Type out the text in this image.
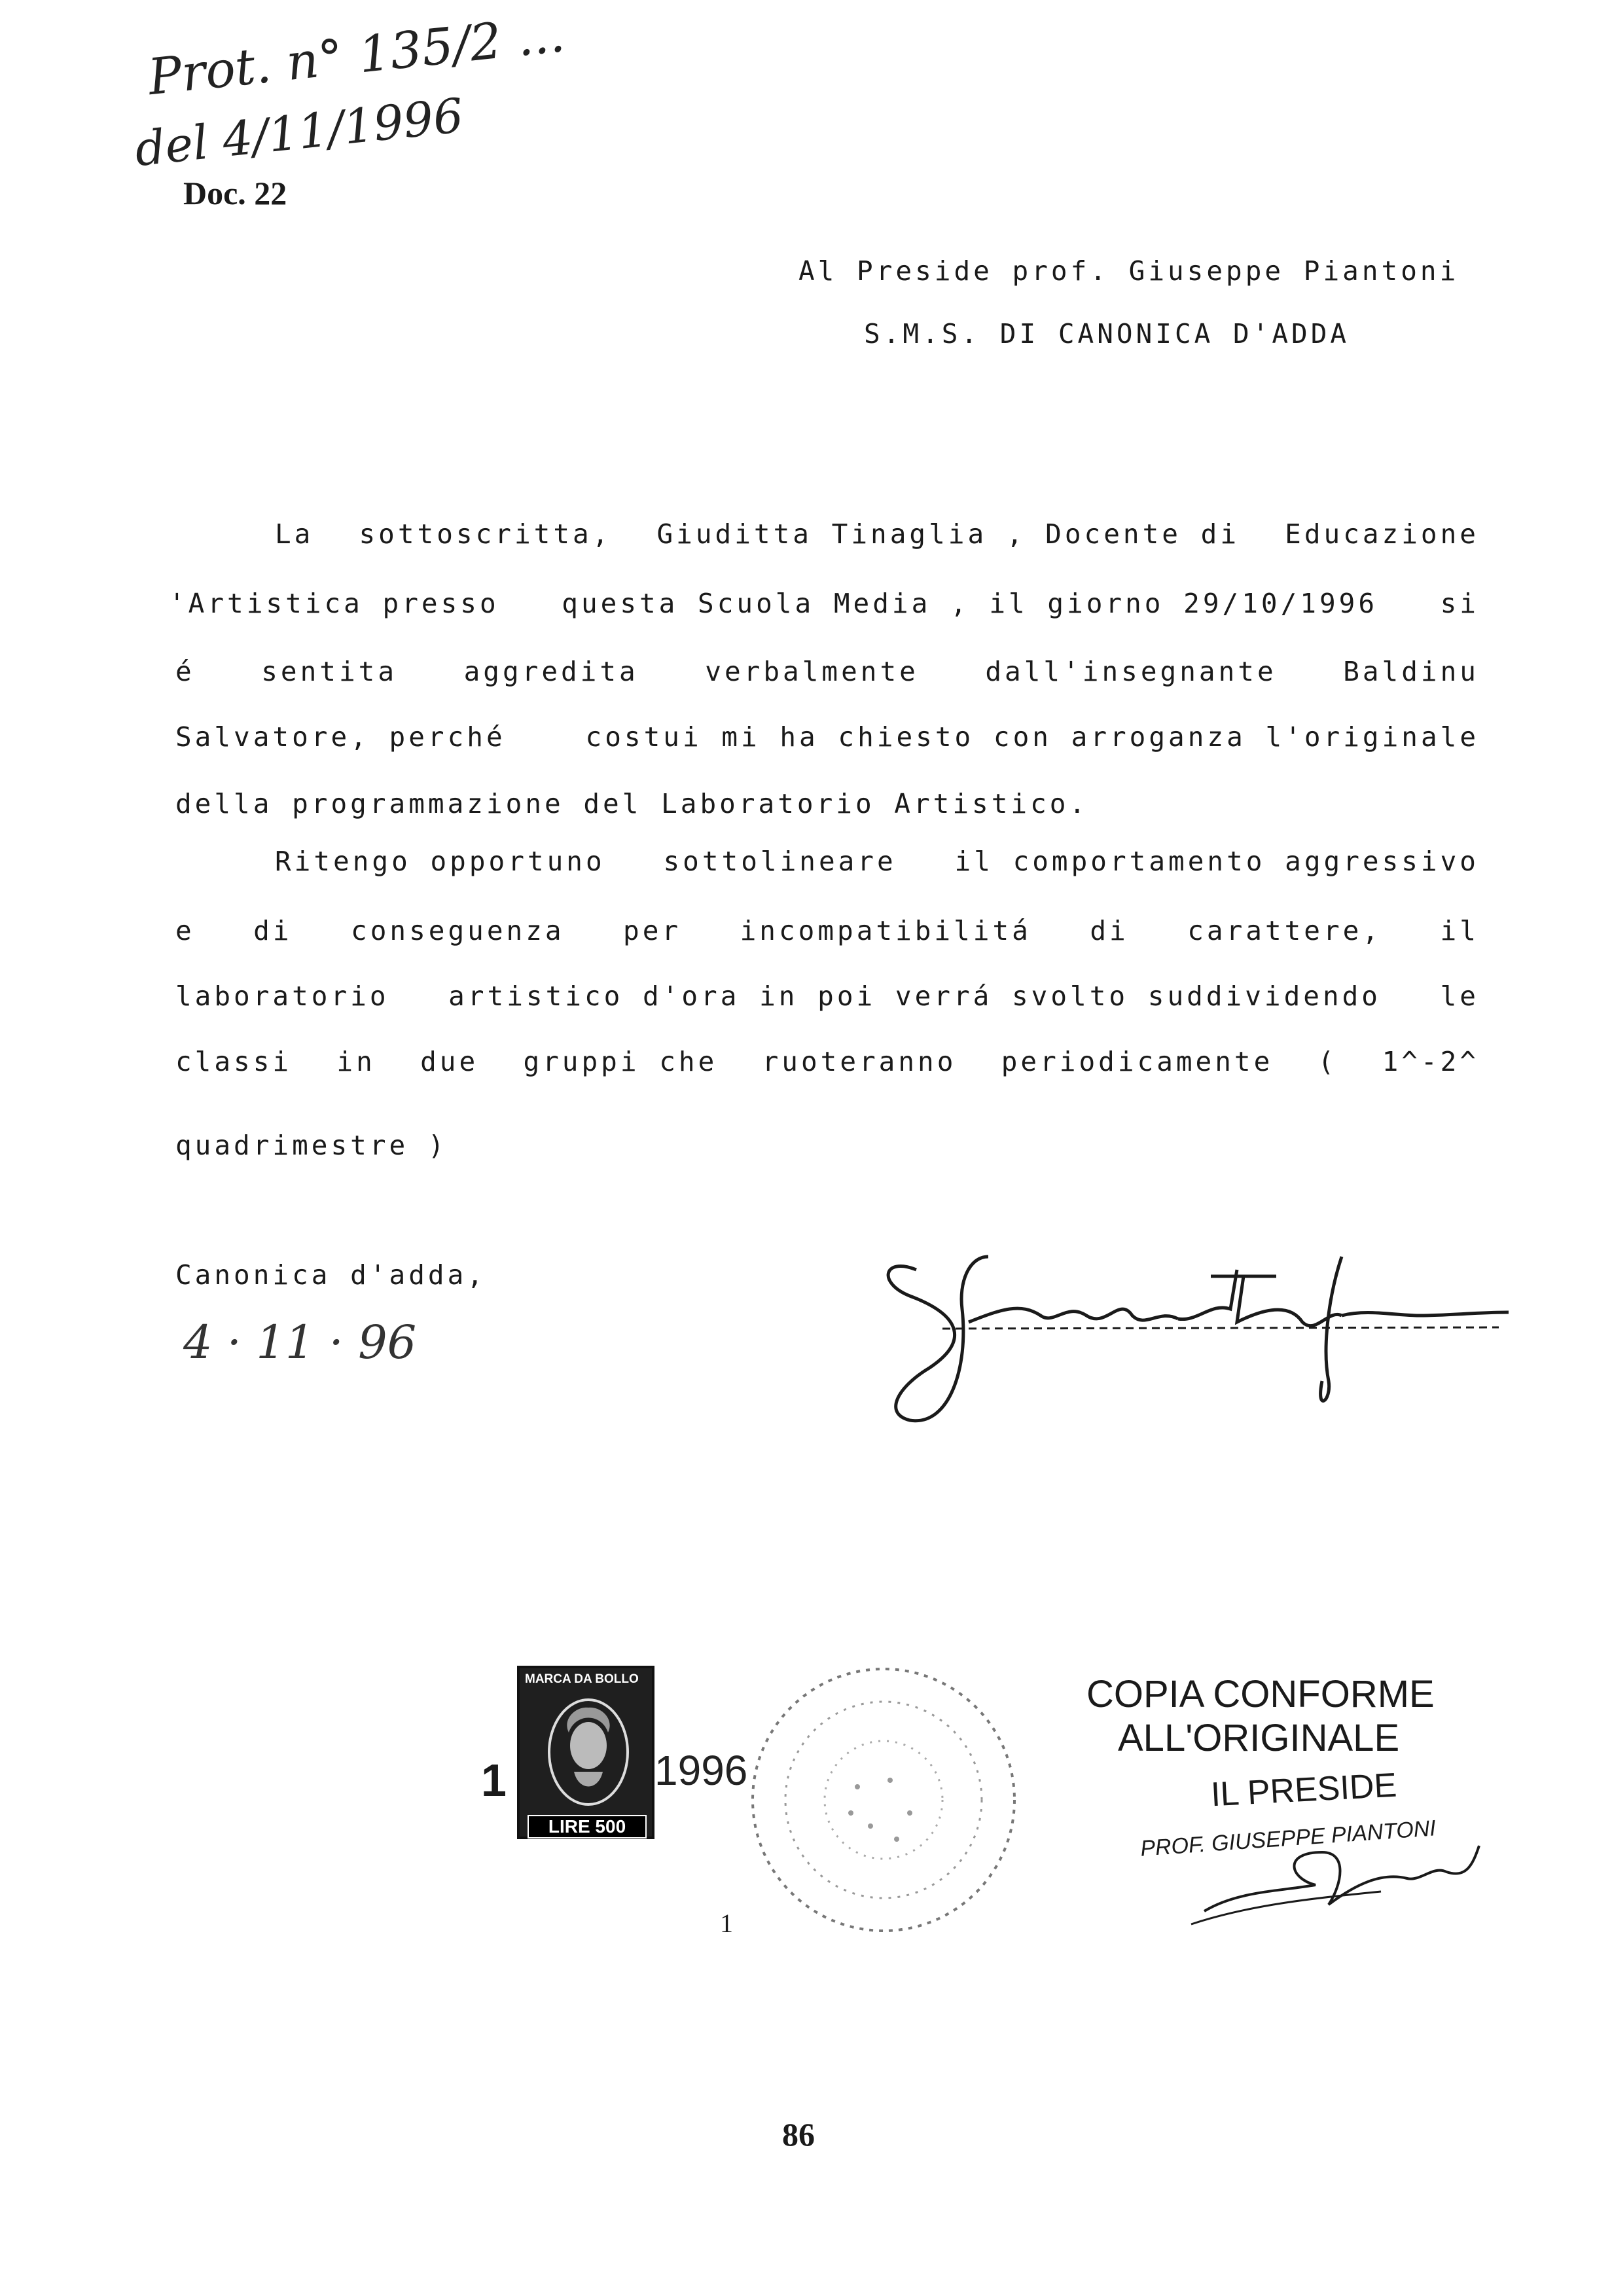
Prot. n° 135/2 ...
del 4/11/1996
Doc. 22
Al Preside prof. Giuseppe Piantoni
S.M.S. DI CANONICA D'ADDA
La sottoscritta, Giuditta Tinaglia , Docente di Educazione
'Artistica presso questa Scuola Media , il giorno 29/10/1996 si
é sentita aggredita verbalmente dall'insegnante Baldinu
Salvatore, perché	costui mi ha chiesto con arroganza l'originale
della programmazione del Laboratorio Artistico.
Ritengo opportuno sottolineare il comportamento aggressivo
e di conseguenza per incompatibilitá di carattere, il
laboratorio artistico d'ora in poi verrá svolto suddividendo le
classi in due gruppi che ruoteranno periodicamente ( 1^-2^
quadrimestre )
Canonica d'adda,
4 · 11 · 96
MARCA DA BOLLO
LIRE 500
1	1996
COPIA CONFORME
ALL'ORIGINALE
IL PRESIDE
PROF. GIUSEPPE PIANTONI
1
86
